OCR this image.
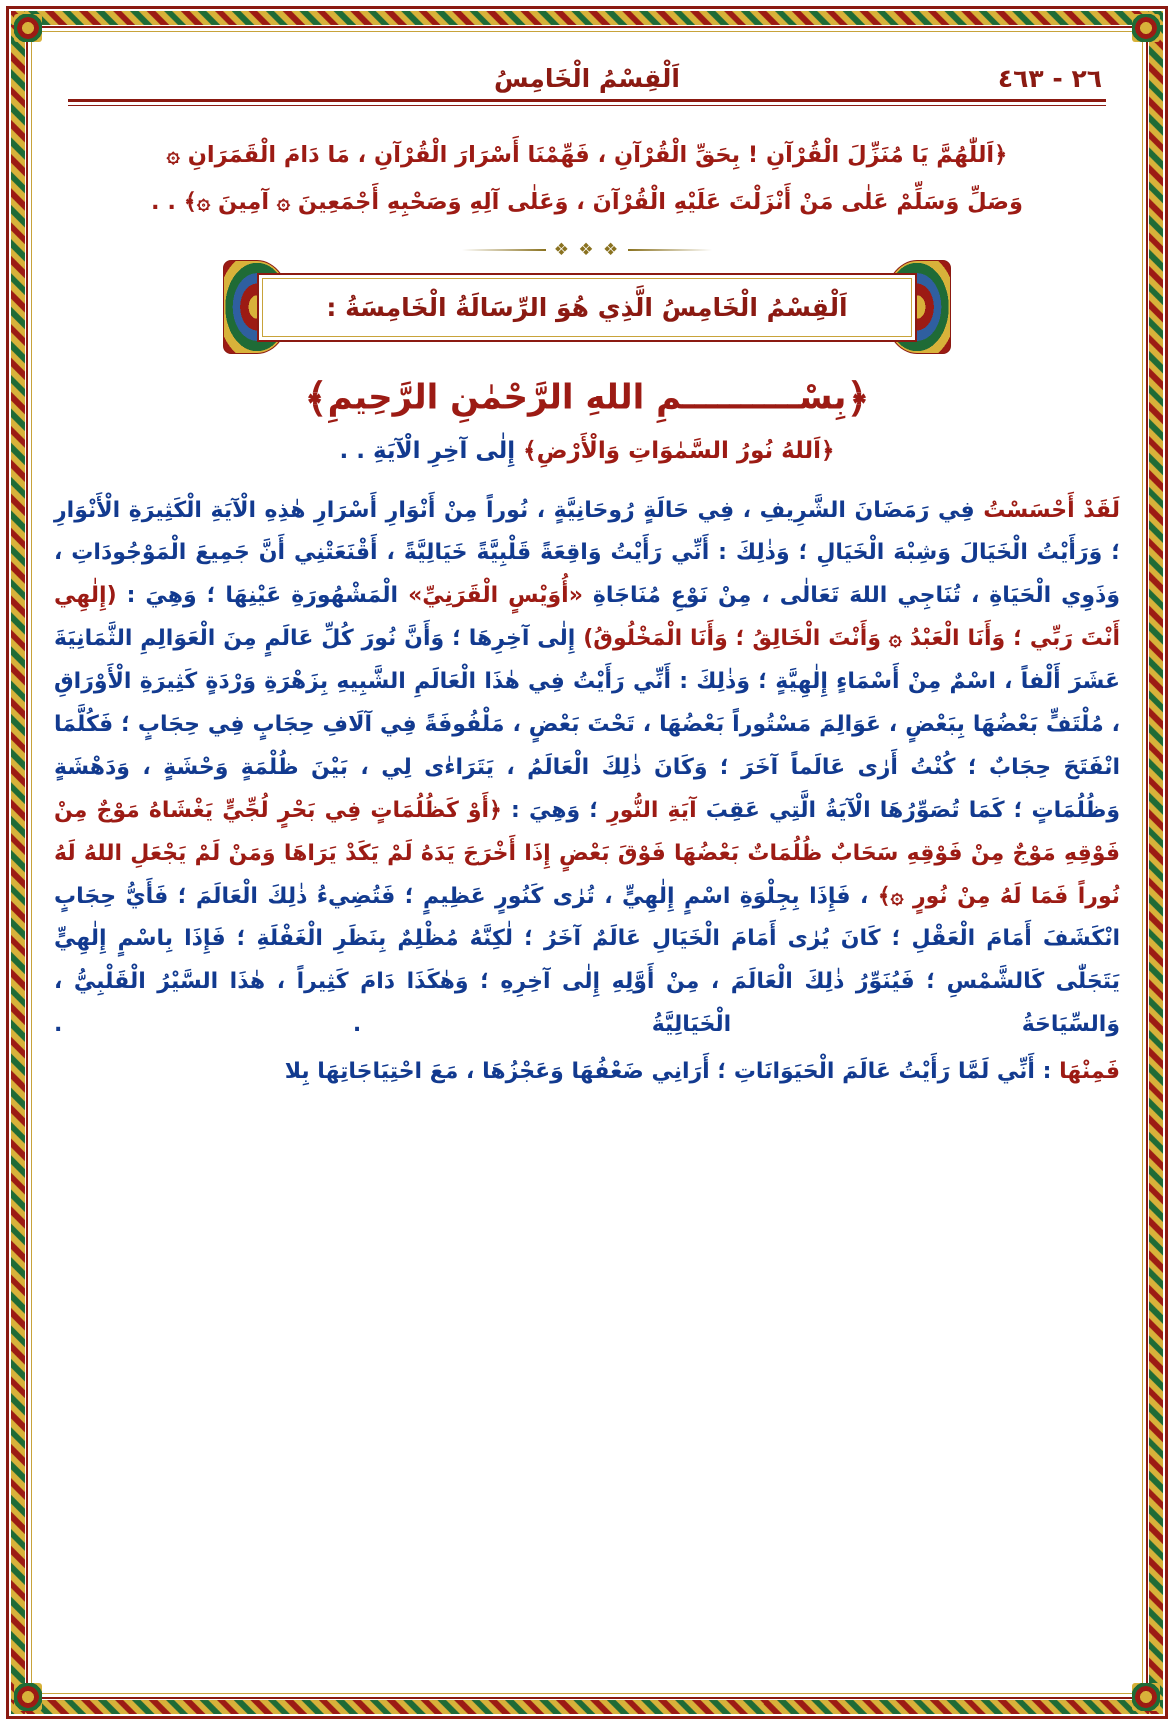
٢٦ - ٤٦٣
اَلْقِسْمُ الْخَامِسُ
﴿اَللّٰهُمَّ يَا مُنَزِّلَ الْقُرْآنِ ! بِحَقِّ الْقُرْآنِ ، فَهِّمْنَا أَسْرَارَ الْقُرْآنِ ، مَا دَامَ الْقَمَرَانِ ۞
وَصَلِّ وَسَلِّمْ عَلٰى مَنْ أَنْزَلْتَ عَلَيْهِ الْقُرْآنَ ، وَعَلٰى آلِهِ وَصَحْبِهِ أَجْمَعِينَ ۞ آمِينَ ۞﴾ . .
❖ ❖ ❖
اَلْقِسْمُ الْخَامِسُ الَّذِي هُوَ الرِّسَالَةُ الْخَامِسَةُ :
﴿بِسْــــــــــمِ اللهِ الرَّحْمٰنِ الرَّحِيمِ﴾
﴿اَللهُ نُورُ السَّمٰوَاتِ وَالْأَرْضِ﴾ إِلٰى آخِرِ الْآيَةِ . .

لَقَدْ أَحْسَسْتُ فِي رَمَضَانَ الشَّرِيفِ ، فِي حَالَةٍ رُوحَانِيَّةٍ ، نُوراً مِنْ أَنْوَارِ أَسْرَارِ هٰذِهِ الْآيَةِ الْكَثِيرَةِ الْأَنْوَارِ ؛ وَرَأَيْتُ الْخَيَالَ وَشِبْهَ الْخَيَالِ ؛ وَذٰلِكَ : أَنِّي رَأَيْتُ وَاقِعَةً قَلْبِيَّةً خَيَالِيَّةً ، أَقْنَعَتْنِي أَنَّ جَمِيعَ الْمَوْجُودَاتِ ، وَذَوِي الْحَيَاةِ ، تُنَاجِي اللهَ تَعَالٰى ، مِنْ نَوْعِ مُنَاجَاةِ «أُوَيْسٍ الْقَرَنِيِّ» الْمَشْهُورَةِ عَيْنِهَا ؛ وَهِيَ : (إِلٰهِي أَنْتَ رَبِّي ؛ وَأَنَا الْعَبْدُ ۞ وَأَنْتَ الْخَالِقُ ؛ وَأَنَا الْمَخْلُوقُ) إِلٰى آخِرِهَا ؛ وَأَنَّ نُورَ كُلِّ عَالَمٍ مِنَ الْعَوَالِمِ الثَّمَانِيَةَ عَشَرَ أَلْفاً ، اسْمٌ مِنْ أَسْمَاءٍ إِلٰهِيَّةٍ ؛ وَذٰلِكَ : أَنِّي رَأَيْتُ فِي هٰذَا الْعَالَمِ الشَّبِيهِ بِزَهْرَةِ وَرْدَةٍ كَثِيرَةِ الْأَوْرَاقِ ، مُلْتَفٍّ بَعْضُهَا بِبَعْضٍ ، عَوَالِمَ مَسْتُوراً بَعْضُهَا ، تَحْتَ بَعْضٍ ، مَلْفُوفَةً فِي آلَافِ حِجَابٍ فِي حِجَابٍ ؛ فَكُلَّمَا انْفَتَحَ حِجَابٌ ؛ كُنْتُ أَرٰى عَالَماً آخَرَ ؛ وَكَانَ ذٰلِكَ الْعَالَمُ ، يَتَرَاءٰى لِي ، بَيْنَ ظُلْمَةٍ وَحْشَةٍ ، وَدَهْشَةٍ وَظُلُمَاتٍ ؛ كَمَا تُصَوِّرُهَا الْآيَةُ الَّتِي عَقِبَ آيَةِ النُّورِ ؛ وَهِيَ : ﴿أَوْ كَظُلُمَاتٍ فِي بَحْرٍ لُجِّيٍّ يَغْشَاهُ مَوْجٌ مِنْ فَوْقِهِ مَوْجٌ مِنْ فَوْقِهِ سَحَابٌ ظُلُمَاتٌ بَعْضُهَا فَوْقَ بَعْضٍ إِذَا أَخْرَجَ يَدَهُ لَمْ يَكَدْ يَرَاهَا وَمَنْ لَمْ يَجْعَلِ اللهُ لَهُ نُوراً فَمَا لَهُ مِنْ نُورٍ ۞﴾ ، فَإِذَا بِجِلْوَةِ اسْمٍ إِلٰهِيٍّ ، تُرٰى كَنُورٍ عَظِيمٍ ؛ فَتُضِيءُ ذٰلِكَ الْعَالَمَ ؛ فَأَيُّ حِجَابٍ انْكَشَفَ أَمَامَ الْعَقْلِ ؛ كَانَ يُرٰى أَمَامَ الْخَيَالِ عَالَمٌ آخَرُ ؛ لٰكِنَّهُ مُظْلِمٌ بِنَظَرِ الْغَفْلَةِ ؛ فَإِذَا بِاسْمٍ إِلٰهِيٍّ يَتَجَلّٰى كَالشَّمْسِ ؛ فَيُنَوِّرُ ذٰلِكَ الْعَالَمَ ، مِنْ أَوَّلِهِ إِلٰى آخِرِهِ ؛ وَهٰكَذَا دَامَ كَثِيراً ، هٰذَا السَّيْرُ الْقَلْبِيُّ ، وَالسِّيَاحَةُ الْخَيَالِيَّةُ . .

فَمِنْهَا : أَنِّي لَمَّا رَأَيْتُ عَالَمَ الْحَيَوَانَاتِ ؛ أَرَانِي ضَعْفُهَا وَعَجْزُهَا ، مَعَ احْتِيَاجَاتِهَا بِلا
